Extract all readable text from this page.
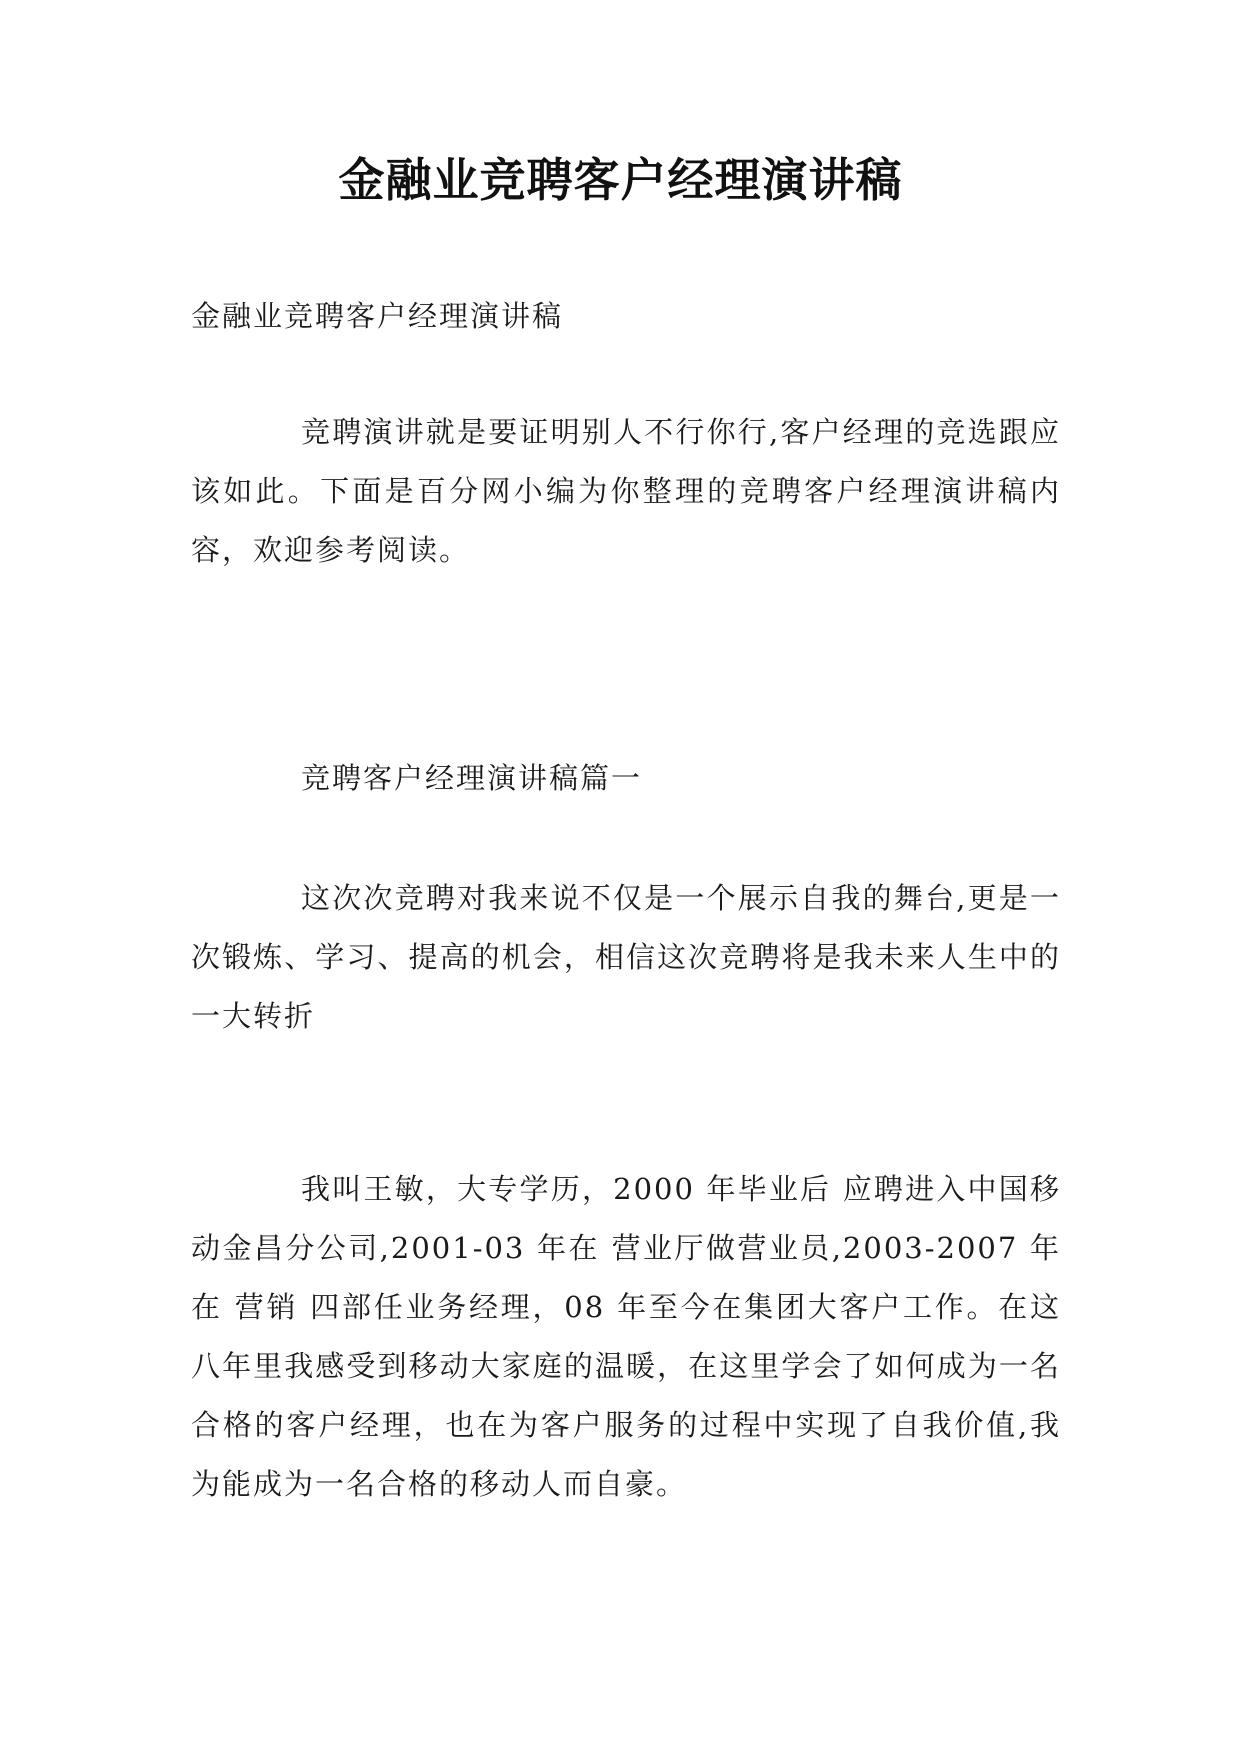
金融业竞聘客户经理演讲稿

金融业竞聘客户经理演讲稿

竞聘演讲就是要证明别人不行你行,客户经理的竞选跟应该如此。下面是百分网小编为你整理的竞聘客户经理演讲稿内容，欢迎参考阅读。

竞聘客户经理演讲稿篇一

这次次竞聘对我来说不仅是一个展示自我的舞台,更是一次锻炼、学习、提高的机会，相信这次竞聘将是我未来人生中的一大转折

我叫王敏，大专学历，2000 年毕业后 应聘进入中国移动金昌分公司,2001-03 年在 营业厅做营业员,2003-2007 年在 营销 四部任业务经理，08 年至今在集团大客户工作。在这 八年里我感受到移动大家庭的温暖，在这里学会了如何成为一名合格的客户经理，也在为客户服务的过程中实现了自我价值,我为能成为一名合格的移动人而自豪。
